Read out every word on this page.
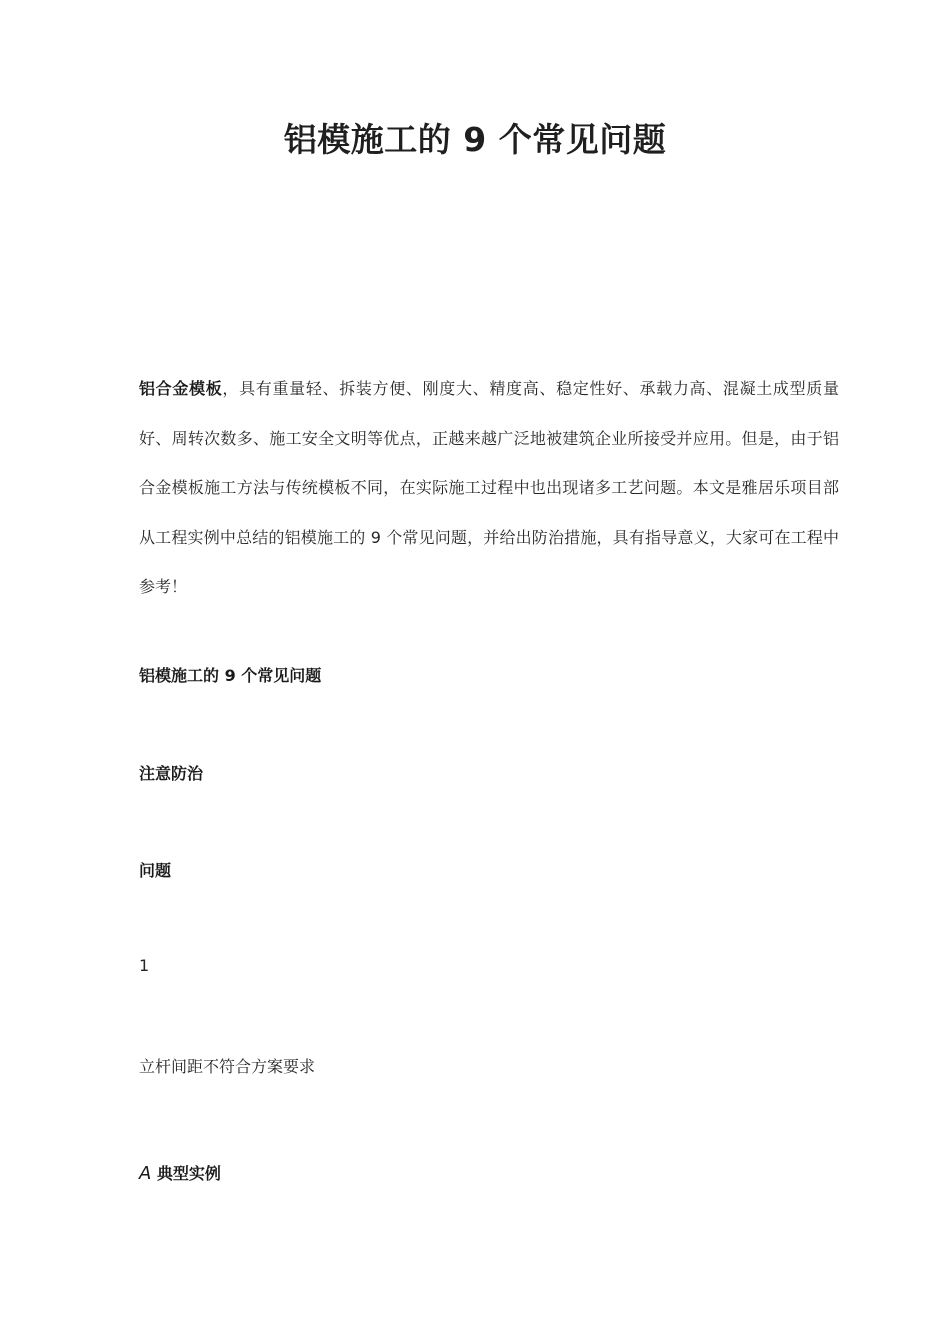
铝模施工的 9 个常见问题

铝合金模板，具有重量轻、拆装方便、刚度大、精度高、稳定性好、承载力高、混凝土成型质量好、周转次数多、施工安全文明等优点，正越来越广泛地被建筑企业所接受并应用。但是，由于铝合金模板施工方法与传统模板不同，在实际施工过程中也出现诸多工艺问题。本文是雅居乐项目部从工程实例中总结的铝模施工的 9 个常见问题，并给出防治措施，具有指导意义，大家可在工程中参考！

铝模施工的 9 个常见问题

注意防治

问题

1

立杆间距不符合方案要求

A 典型实例
